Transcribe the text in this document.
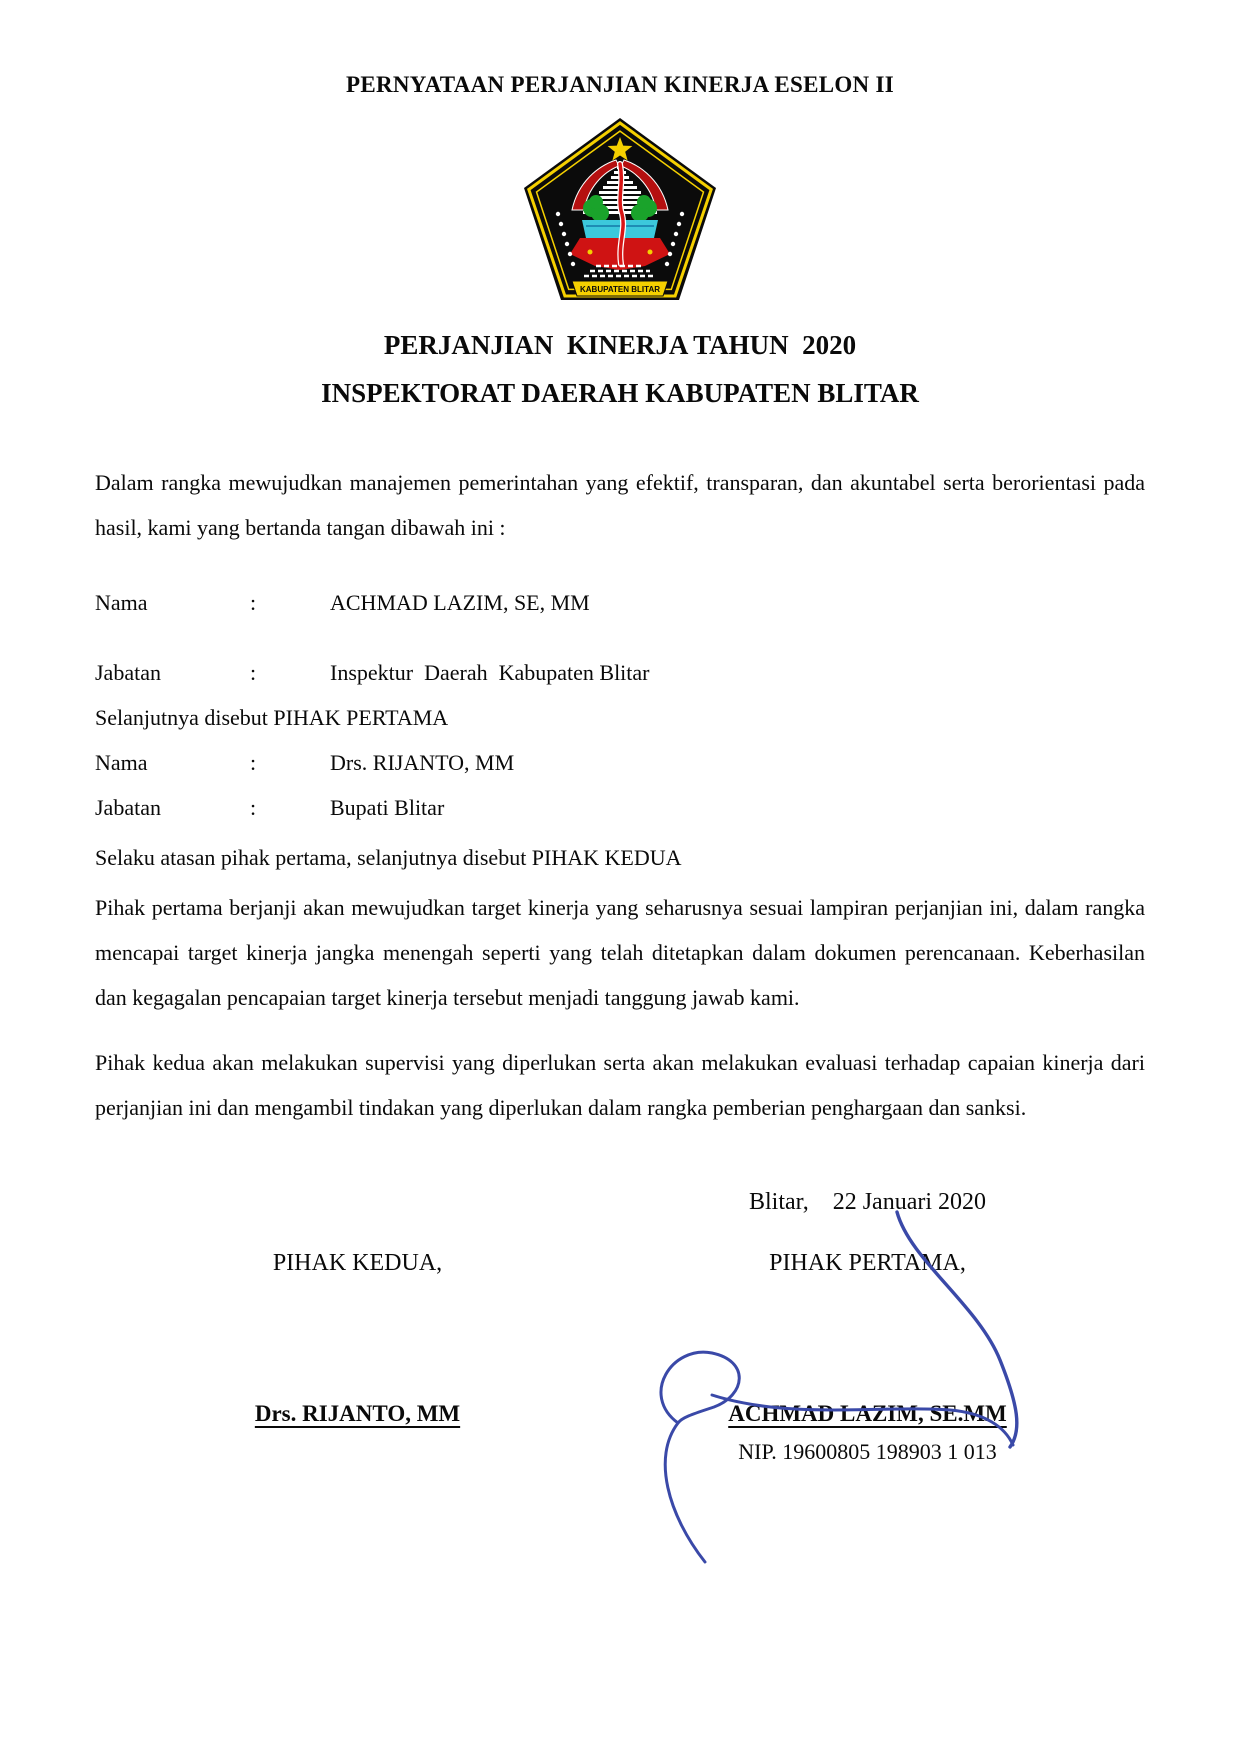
PERNYATAAN PERJANJIAN KINERJA ESELON II
KABUPATEN BLITAR
PERJANJIAN  KINERJA TAHUN  2020
INSPEKTORAT DAERAH KABUPATEN BLITAR
Dalam rangka mewujudkan manajemen pemerintahan yang efektif, transparan, dan akuntabel serta berorientasi pada hasil, kami yang bertanda tangan dibawah ini :
Nama	:	ACHMAD LAZIM, SE, MM
Jabatan	:	Inspektur  Daerah  Kabupaten Blitar
Selanjutnya disebut PIHAK PERTAMA
Nama	:	Drs. RIJANTO, MM
Jabatan	:	Bupati Blitar
Selaku atasan pihak pertama, selanjutnya disebut PIHAK KEDUA
Pihak pertama berjanji akan mewujudkan target kinerja yang seharusnya sesuai lampiran perjanjian ini, dalam rangka mencapai target kinerja jangka menengah seperti yang telah ditetapkan dalam dokumen perencanaan. Keberhasilan dan kegagalan pencapaian target kinerja tersebut menjadi tanggung jawab kami.
Pihak kedua akan melakukan supervisi yang diperlukan serta akan melakukan evaluasi terhadap capaian kinerja dari perjanjian ini dan mengambil tindakan yang diperlukan dalam rangka pemberian penghargaan dan sanksi.
Blitar,    22 Januari 2020
PIHAK KEDUA,	PIHAK PERTAMA,
Drs. RIJANTO, MM	ACHMAD LAZIM, SE.MM
NIP. 19600805 198903 1 013
